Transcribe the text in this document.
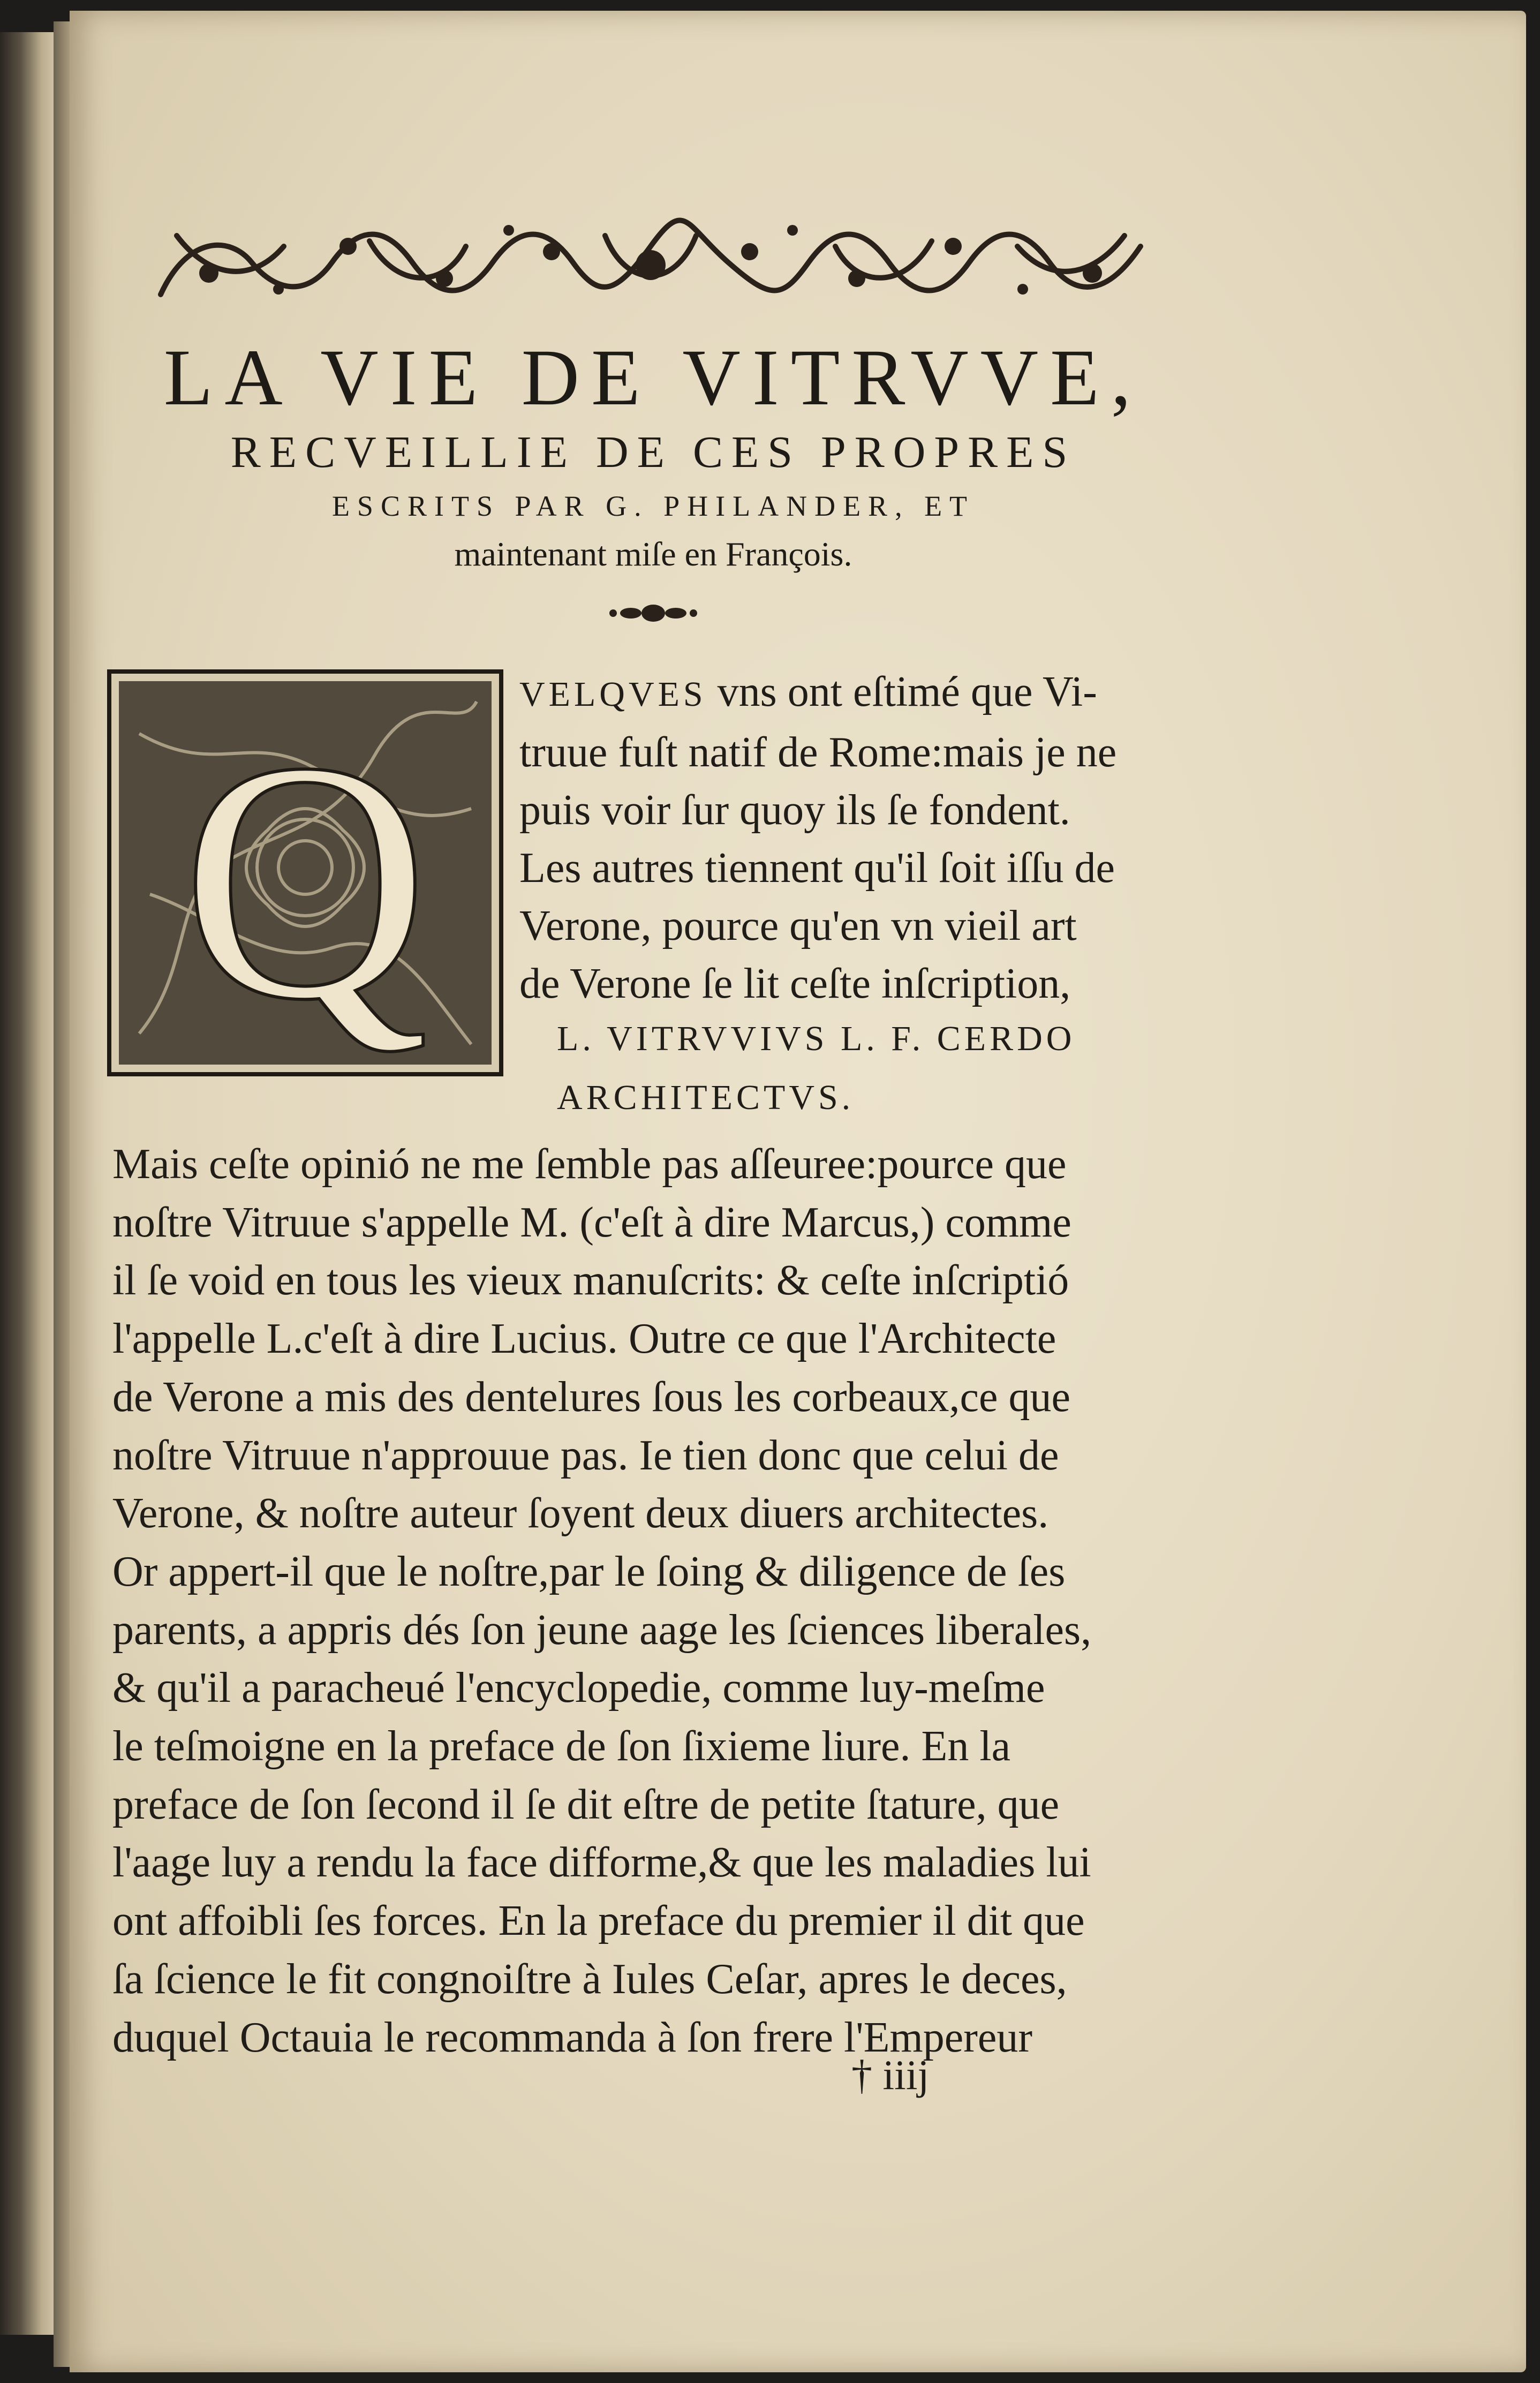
LA VIE DE VITRVVE,

RECVEILLIE DE CES PROPRES

ESCRITS PAR G. PHILANDER, ET

maintenant miſe en François.

Q	VELQVES vns ont eſtimé que Vi-
truue fuſt natif de Rome:mais je ne
puis voir ſur quoy ils ſe fondent.
Les autres tiennent qu'il ſoit iſſu de
Verone, pource qu'en vn vieil art
de Verone ſe lit ceſte inſcription,
L. VITRVVIVS L. F. CERDO
ARCHITECTVS.
Mais ceſte opinió ne me ſemble pas aſſeuree:pource que
noſtre Vitruue s'appelle M. (c'eſt à dire Marcus,) comme
il ſe void en tous les vieux manuſcrits: & ceſte inſcriptió
l'appelle L.c'eſt à dire Lucius. Outre ce que l'Architecte
de Verone a mis des dentelures ſous les corbeaux,ce que
noſtre Vitruue n'approuue pas. Ie tien donc que celui de
Verone, & noſtre auteur ſoyent deux diuers architectes.
Or appert-il que le noſtre,par le ſoing & diligence de ſes
parents, a appris dés ſon jeune aage les ſciences liberales,
& qu'il a paracheué l'encyclopedie, comme luy-meſme
le teſmoigne en la preface de ſon ſixieme liure. En la
preface de ſon ſecond il ſe dit eſtre de petite ſtature, que
l'aage luy a rendu la face difforme,& que les maladies lui
ont affoibli ſes forces. En la preface du premier il dit que
ſa ſcience le fit congnoiſtre à Iules Ceſar, apres le deces,
duquel Octauia le recommanda à ſon frere l'Empereur
† iiij
